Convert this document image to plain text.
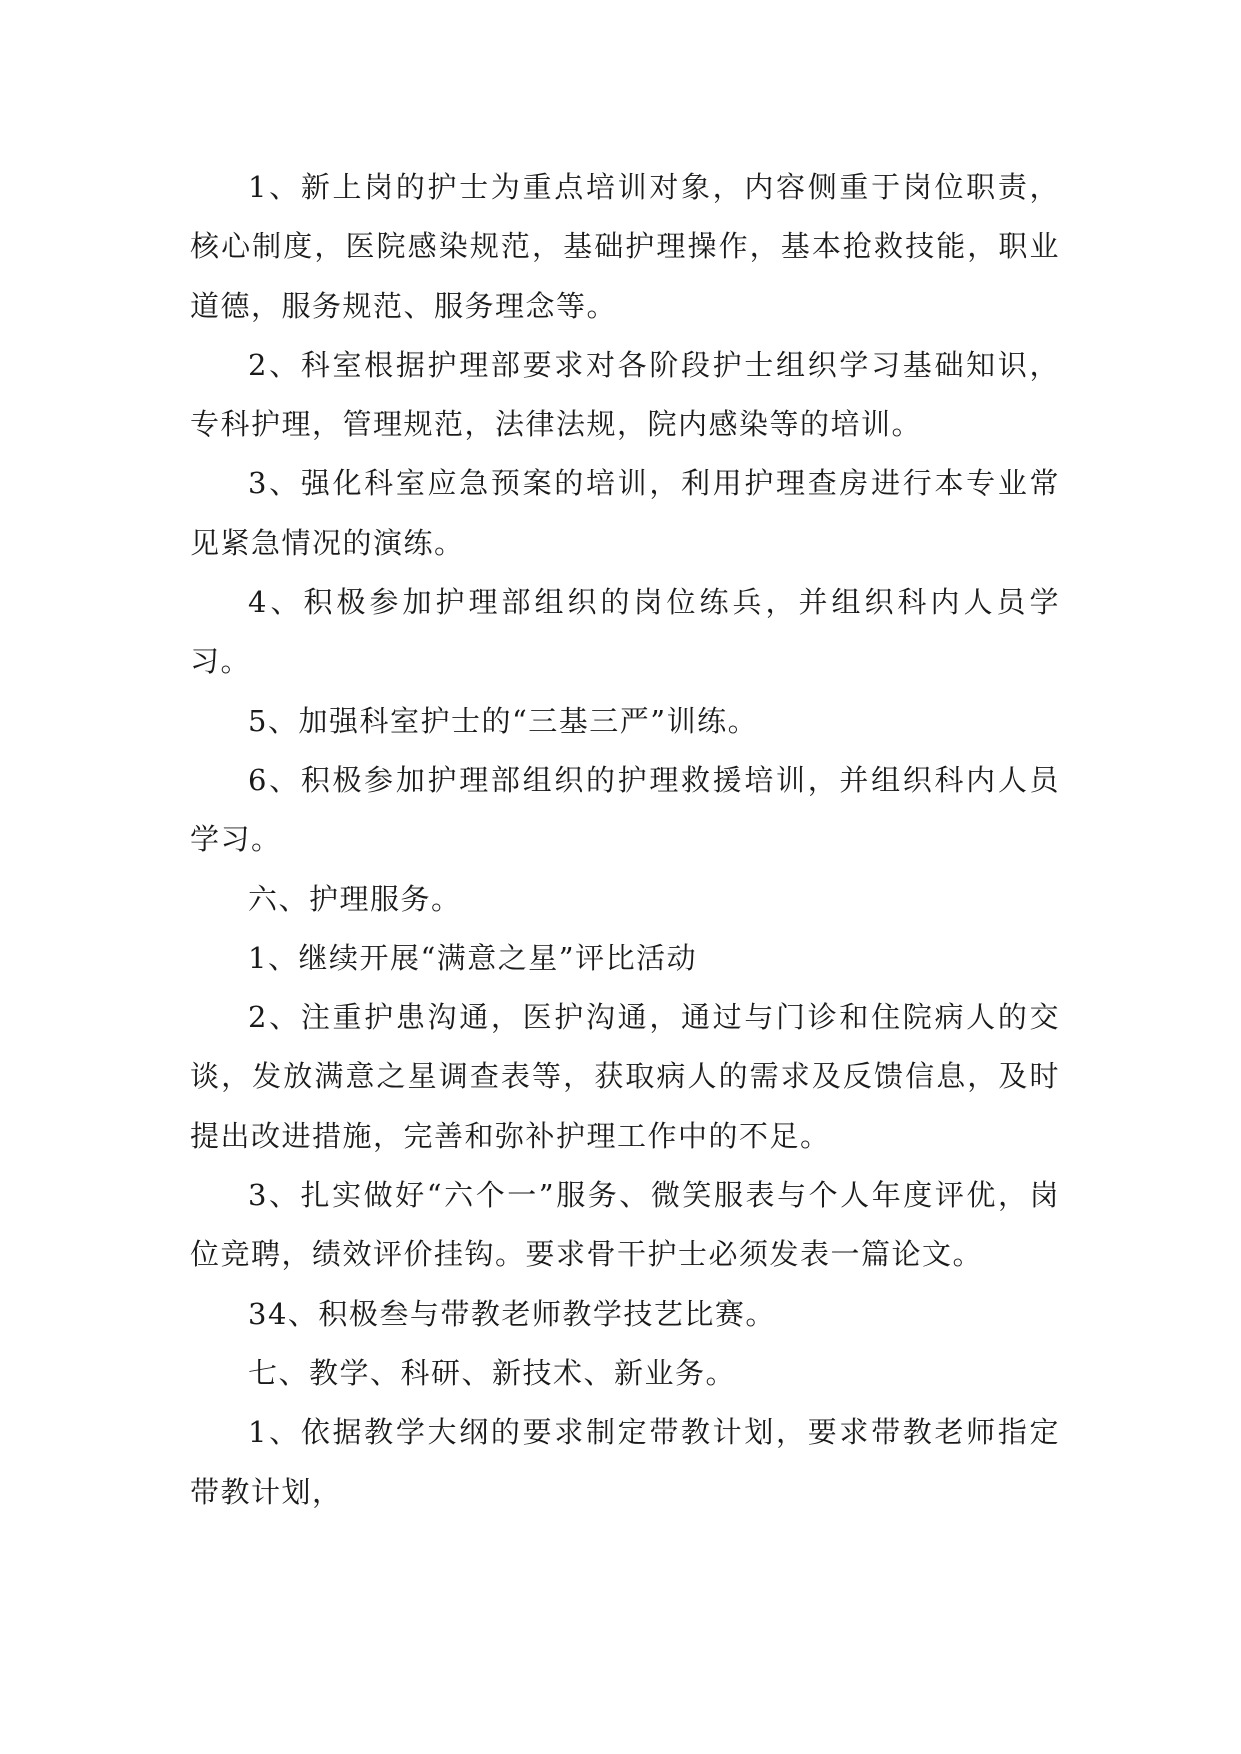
1、新上岗的护士为重点培训对象，内容侧重于岗位职责，核心制度，医院感染规范，基础护理操作，基本抢救技能，职业道德，服务规范、服务理念等。

2、科室根据护理部要求对各阶段护士组织学习基础知识，专科护理，管理规范，法律法规，院内感染等的培训。

3、强化科室应急预案的培训，利用护理查房进行本专业常见紧急情况的演练。

4、积极参加护理部组织的岗位练兵，并组织科内人员学习。

5、加强科室护士的“三基三严”训练。

6、积极参加护理部组织的护理救援培训，并组织科内人员学习。

六、护理服务。

1、继续开展“满意之星”评比活动

2、注重护患沟通，医护沟通，通过与门诊和住院病人的交谈，发放满意之星调查表等，获取病人的需求及反馈信息，及时提出改进措施，完善和弥补护理工作中的不足。

3、扎实做好“六个一”服务、微笑服表与个人年度评优，岗位竞聘，绩效评价挂钩。要求骨干护士必须发表一篇论文。

34、积极叁与带教老师教学技艺比赛。

七、教学、科研、新技术、新业务。

1、依据教学大纲的要求制定带教计划，要求带教老师指定带教计划，
